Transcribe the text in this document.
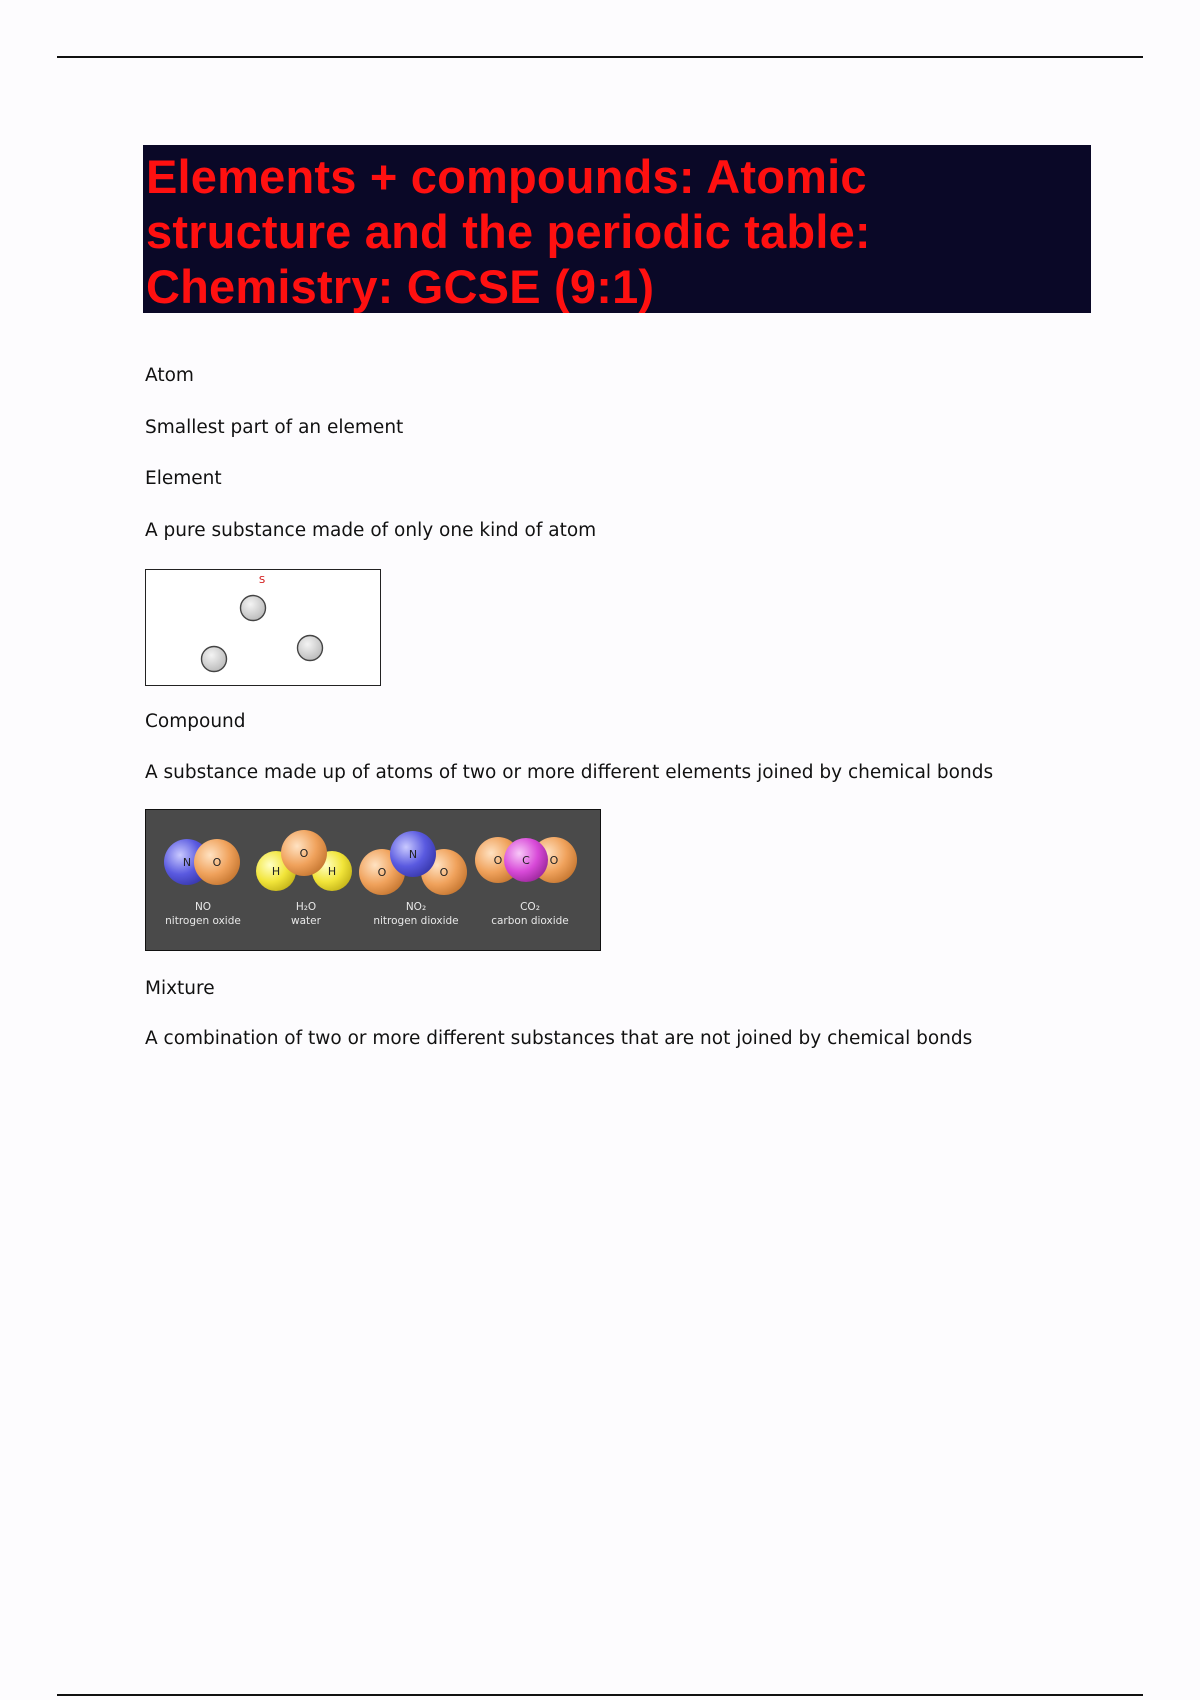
Elements + compounds: Atomic
structure and the periodic table:
Chemistry: GCSE (9:1)
Atom
Smallest part of an element
Element
A pure substance made of only one kind of atom
S
Compound
A substance made up of atoms of two or more different elements joined by chemical bonds
N O
H
O
H	O
N
O
O C O
NO
nitrogen oxide
H₂O
water
NO₂
nitrogen dioxide
CO₂
carbon dioxide
Mixture
A combination of two or more different substances that are not joined by chemical bonds
